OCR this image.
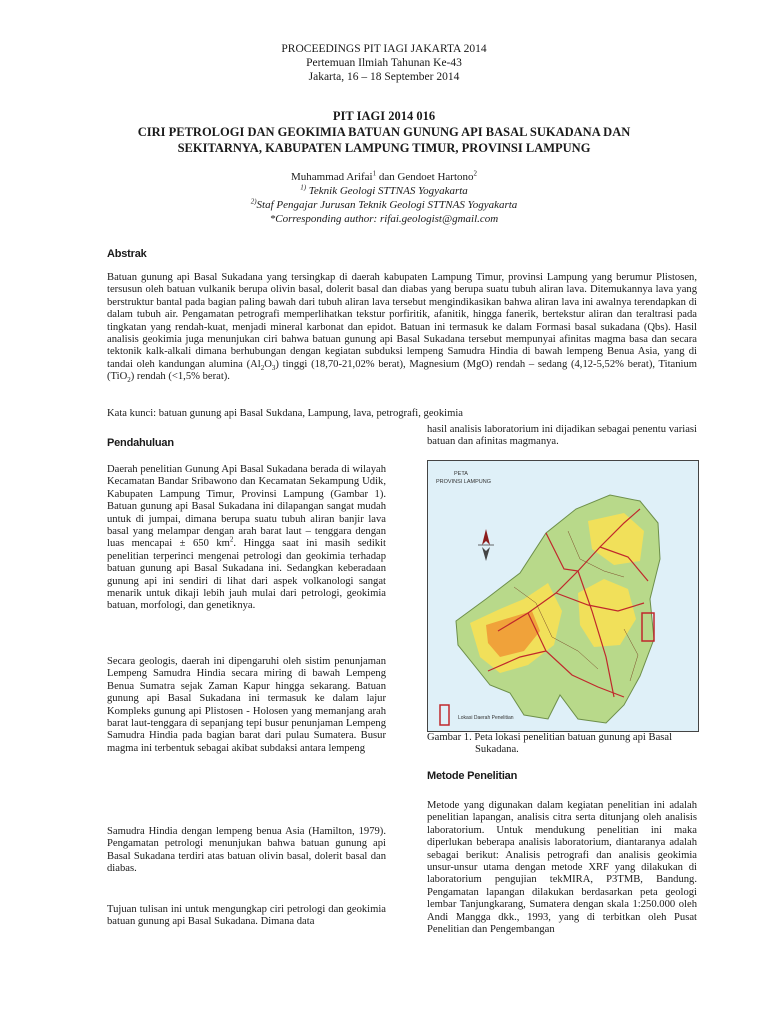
PROCEEDINGS PIT IAGI JAKARTA 2014
Pertemuan Ilmiah Tahunan Ke-43
Jakarta, 16 – 18 September 2014
PIT IAGI 2014 016
CIRI PETROLOGI DAN GEOKIMIA BATUAN GUNUNG API BASAL SUKADANA DAN
SEKITARNYA, KABUPATEN LAMPUNG TIMUR, PROVINSI LAMPUNG
Muhammad Arifai$^1$ dan Gendoet Hartono$^2$
$^{1)}$ Teknik Geologi STTNAS Yogyakarta
$^{2)}$Staf Pengajar Jurusan Teknik Geologi STTNAS Yogyakarta
*Corresponding author: rifai.geologist@gmail.com
Abstrak

Batuan gunung api Basal Sukadana yang tersingkap di daerah kabupaten Lampung Timur, provinsi Lampung yang berumur Plistosen, tersusun oleh batuan vulkanik berupa olivin basal, dolerit basal dan diabas yang berupa suatu tubuh aliran lava. Ditemukannya lava yang berstruktur bantal pada bagian paling bawah dari tubuh aliran lava tersebut mengindikasikan bahwa aliran lava ini awalnya terendapkan di dalam tubuh air. Pengamatan petrografi memperlihatkan tekstur porfiritik, afanitik, hingga fanerik, bertekstur aliran dan teraltrasi pada tingkatan yang rendah-kuat, menjadi mineral karbonat dan epidot. Batuan ini termasuk ke dalam Formasi basal sukadana (Qbs). Hasil analisis geokimia juga menunjukan ciri bahwa batuan gunung api Basal Sukadana tersebut mempunyai afinitas magma basa dan secara tektonik kalk-alkali dimana berhubungan dengan kegiatan subduksi lempeng Samudra Hindia di bawah lempeng Benua Asia, yang di tandai oleh kandungan alumina $(Al_2O_3)$ tinggi (18,70-21,02% berat), Magnesium (MgO) rendah – sedang (4,12-5,52% berat), Titanium (TiO$_2$) rendah (<1,5% berat).

Kata kunci: batuan gunung api Basal Sukdana, Lampung, lava, petrografi, geokimia
Pendahuluan

Daerah penelitian Gunung Api Basal Sukadana berada di wilayah Kecamatan Bandar Sribawono dan Kecamatan Sekampung Udik, Kabupaten Lampung Timur, Provinsi Lampung (Gambar 1). Batuan gunung api Basal Sukadana ini dilapangan sangat mudah untuk di jumpai, dimana berupa suatu tubuh aliran banjir lava basal yang melampar dengan arah barat laut – tenggara dengan luas mencapai ± 650 $km^2$. Hingga saat ini masih sedikit penelitian terperinci mengenai petrologi dan geokimia terhadap batuan gunung api Basal Sukadana ini. Sedangkan keberadaan gunung api ini sendiri di lihat dari aspek volkanologi sangat menarik untuk dikaji lebih jauh mulai dari petrologi, geokimia batuan, morfologi, dan genetiknya.

Secara geologis, daerah ini dipengaruhi oleh sistim penunjaman Lempeng Samudra Hindia secara miring di bawah Lempeng Benua Sumatra sejak Zaman Kapur hingga sekarang. Batuan gunung api Basal Sukadana ini termasuk ke dalam lajur Kompleks gunung api Plistosen - Holosen yang memanjang arah barat laut-tenggara di sepanjang tepi busur penunjaman Lempeng Samudra Hindia pada bagian barat dari pulau Sumatera. Busur magma ini terbentuk sebagai akibat subdaksi antara lempeng
Samudra Hindia dengan lempeng benua Asia (Hamilton, 1979). Pengamatan petrologi menunjukan bahwa batuan gunung api Basal Sukadana terdiri atas batuan olivin basal, dolerit basal dan diabas.
Tujuan tulisan ini untuk mengungkap ciri petrologi dan geokimia batuan gunung api Basal Sukadana. Dimana data
hasil analisis laboratorium ini dijadikan sebagai penentu variasi batuan dan afinitas magmanya.
PETA
PROVINSI LAMPUNG
Lokasi Daerah Penelitian
Gambar 1. Peta lokasi penelitian batuan gunung api Basal
Sukadana.
Metode Penelitian
Metode yang digunakan dalam kegiatan penelitian ini adalah penelitian lapangan, analisis citra serta ditunjang oleh analisis laboratorium. Untuk mendukung penelitian ini maka diperlukan beberapa analisis laboratorium, diantaranya adalah sebagai berikut: Analisis petrografi dan analisis geokimia unsur-unsur utama dengan metode XRF yang dilakukan di laboratorium pengujian tekMIRA, P3TMB, Bandung. Pengamatan lapangan dilakukan berdasarkan peta geologi lembar Tanjungkarang, Sumatera dengan skala 1:250.000 oleh Andi Mangga dkk., 1993, yang di terbitkan oleh Pusat Penelitian dan Pengembangan
